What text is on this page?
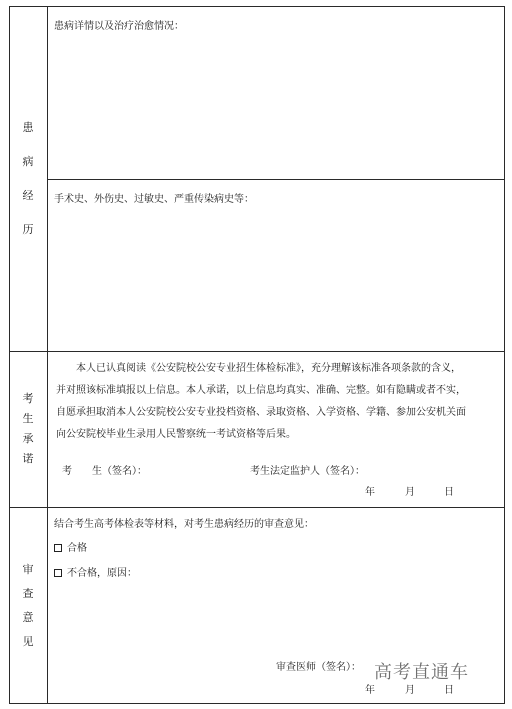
患
病
经
历
患病详情以及治疗治愈情况：
手术史、外伤史、过敏史、严重传染病史等：
考
生
承
诺

本人已认真阅读《公安院校公安专业招生体检标准》，充分理解该标准各项条款的含义，

并对照该标准填报以上信息。本人承诺，以上信息均真实、准确、完整。如有隐瞒或者不实，

自愿承担取消本人公安院校公安专业投档资格、录取资格、入学资格、学籍、参加公安机关面

向公安院校毕业生录用人民警察统一考试资格等后果。

考　　生（签名）：	考生法定监护人（签名）：
年	月	日
审
查
意
见
结合考生高考体检表等材料，对考生患病经历的审查意见：
合格
不合格，原因：
审查医师（签名）：
年	月	日
高考直通车
